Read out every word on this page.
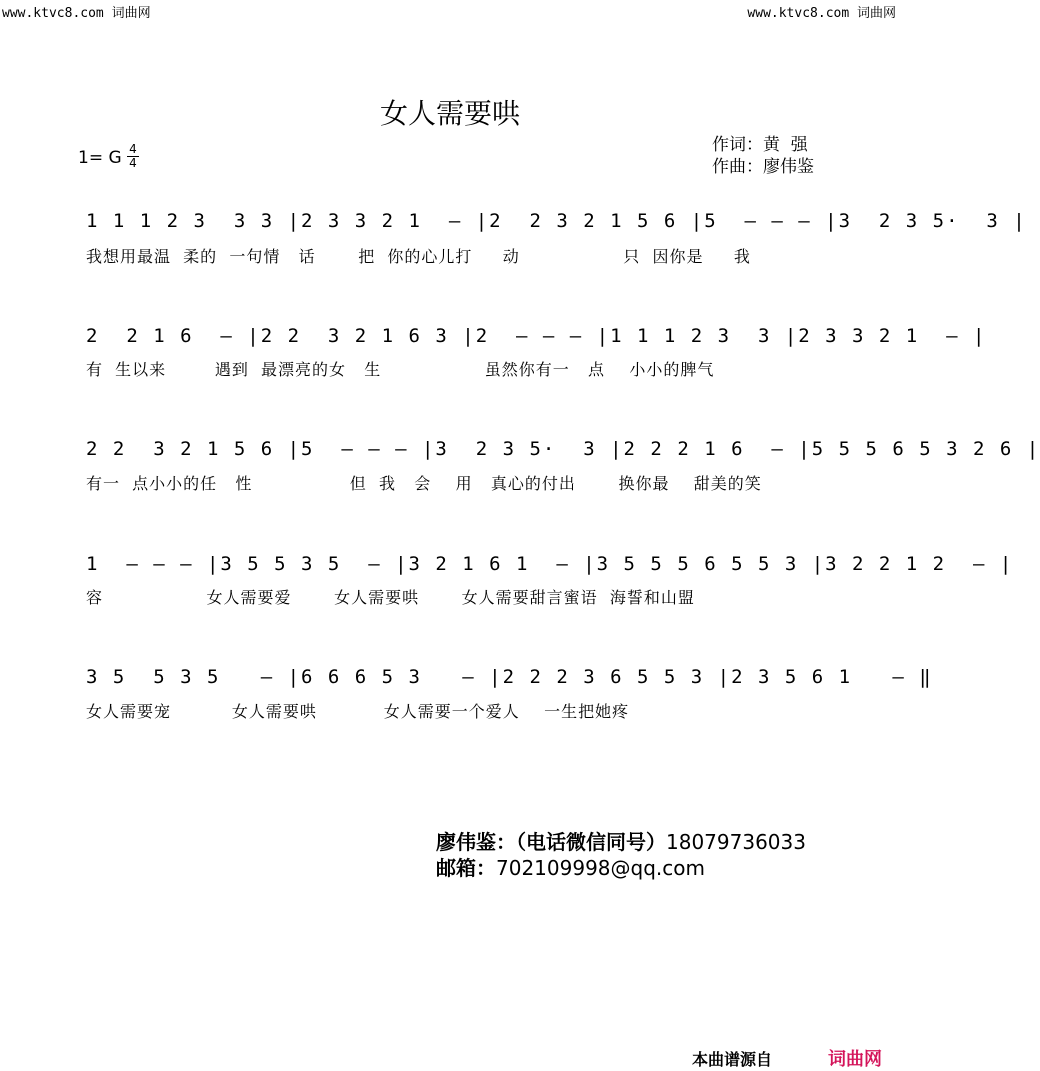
www.ktvc8.com 词曲网	www.ktvc8.com 词曲网
女人需要哄
作词：黄  强
作曲：廖伟鉴
1= G 4
4
1 1 1 2 3  3 3 |2 3 3 2 1  — |2  2 3 2 1 5 6 |5  — — — |3  2 3 5·  3 |
我想用最温  柔的  一句情   话       把  你的心儿打     动                 只  因你是     我
2  2 1 6  — |2 2  3 2 1 6 3 |2  — — — |1 1 1 2 3  3 |2 3 3 2 1  — |
有  生以来        遇到  最漂亮的女   生                 虽然你有一   点    小小的脾气
2 2  3 2 1 5 6 |5  — — — |3  2 3 5·  3 |2 2 2 1 6  — |5 5 5 6 5 3 2 6 |
有一  点小小的任   性                但  我   会    用   真心的付出       换你最    甜美的笑
1  — — — |3 5 5 3 5  — |3 2 1 6 1  — |3 5 5 5 6 5 5 3 |3 2 2 1 2  — |
容                 女人需要爱       女人需要哄       女人需要甜言蜜语  海誓和山盟
3 5  5 3 5   — |6 6 6 5 3   — |2 2 2 3 6 5 5 3 |2 3 5 6 1   — ‖
女人需要宠          女人需要哄           女人需要一个爱人    一生把她疼
廖伟鉴：（电话微信同号）18079736033
邮箱：702109998@qq.com
本曲谱源自	词曲网
